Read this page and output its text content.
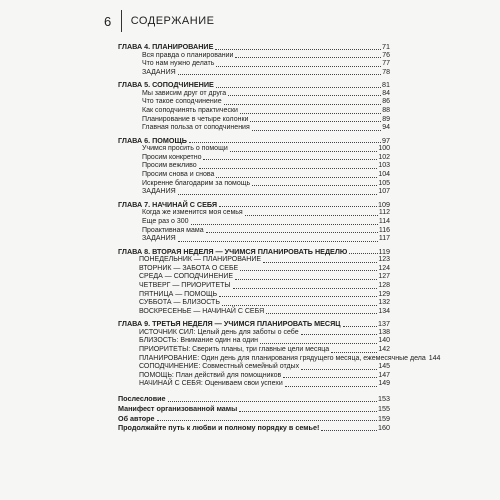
6	СОДЕРЖАНИЕ
ГЛАВА 4. ПЛАНИРОВАНИЕ	71
Вся правда о планировании	76
Что нам нужно делать	77
ЗАДАНИЯ	78
ГЛАВА 5. СОПОДЧИНЕНИЕ	81
Мы зависим друг от друга	84
Что такое соподчинение	86
Как соподчинять практически	88
Планирование в четыре колонки	89
Главная польза от соподчинения	94
ГЛАВА 6. ПОМОЩЬ	97
Учимся просить о помощи	100
Просим конкретно	102
Просим вежливо	103
Просим снова и снова	104
Искренне благодарим за помощь	105
ЗАДАНИЯ	107
ГЛАВА 7. НАЧИНАЙ С СЕБЯ	109
Когда же изменится моя семья	112
Еще раз о 300	114
Проактивная мама	116
ЗАДАНИЯ	117
ГЛАВА 8. ВТОРАЯ НЕДЕЛЯ — УЧИМСЯ ПЛАНИРОВАТЬ НЕДЕЛЮ	119
ПОНЕДЕЛЬНИК — ПЛАНИРОВАНИЕ	123
ВТОРНИК — ЗАБОТА О СЕБЕ	124
СРЕДА — СОПОДЧИНЕНИЕ	127
ЧЕТВЕРГ — ПРИОРИТЕТЫ	128
ПЯТНИЦА — ПОМОЩЬ	129
СУББОТА — БЛИЗОСТЬ	132
ВОСКРЕСЕНЬЕ — НАЧИНАЙ С СЕБЯ	134
ГЛАВА 9. ТРЕТЬЯ НЕДЕЛЯ — УЧИМСЯ ПЛАНИРОВАТЬ МЕСЯЦ	137
ИСТОЧНИК СИЛ: Целый день для заботы о себе	138
БЛИЗОСТЬ: Внимание один на один	140
ПРИОРИТЕТЫ: Сверить планы, три главные цели месяца	142
ПЛАНИРОВАНИЕ: Один день для планирования грядущего месяца, ежемесячные дела 144
СОПОДЧИНЕНИЕ: Совместный семейный отдых	145
ПОМОЩЬ: План действий для помощников	147
НАЧИНАЙ С СЕБЯ: Оцениваем свои успехи	149
Послесловие	153
Манифест организованной мамы	155
Об авторе	159
Продолжайте путь к любви и полному порядку в семье!	160
